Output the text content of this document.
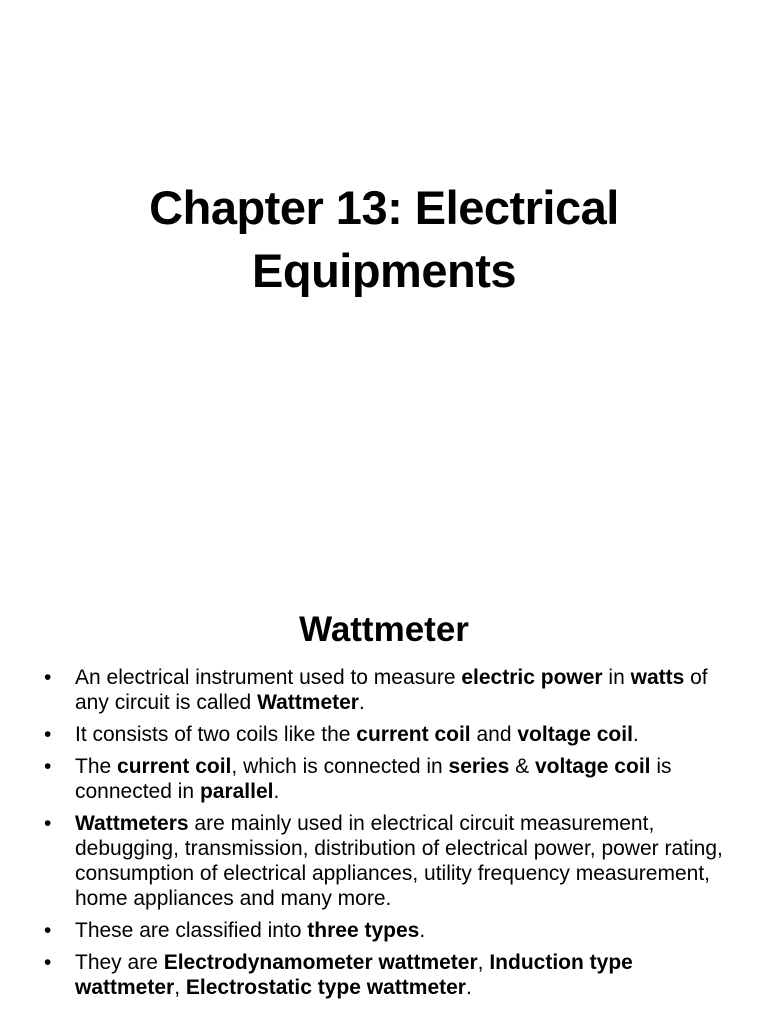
Chapter 13: Electrical
Equipments
Wattmeter
• An electrical instrument used to measure electric power in watts of any circuit is called Wattmeter.
• It consists of two coils like the current coil and voltage coil.
• The current coil, which is connected in series & voltage coil is connected in parallel.
• Wattmeters are mainly used in electrical circuit measurement, debugging, transmission, distribution of electrical power, power rating, consumption of electrical appliances, utility frequency measurement, home appliances and many more.
• These are classified into three types.
• They are Electrodynamometer wattmeter, Induction type wattmeter, Electrostatic type wattmeter.
